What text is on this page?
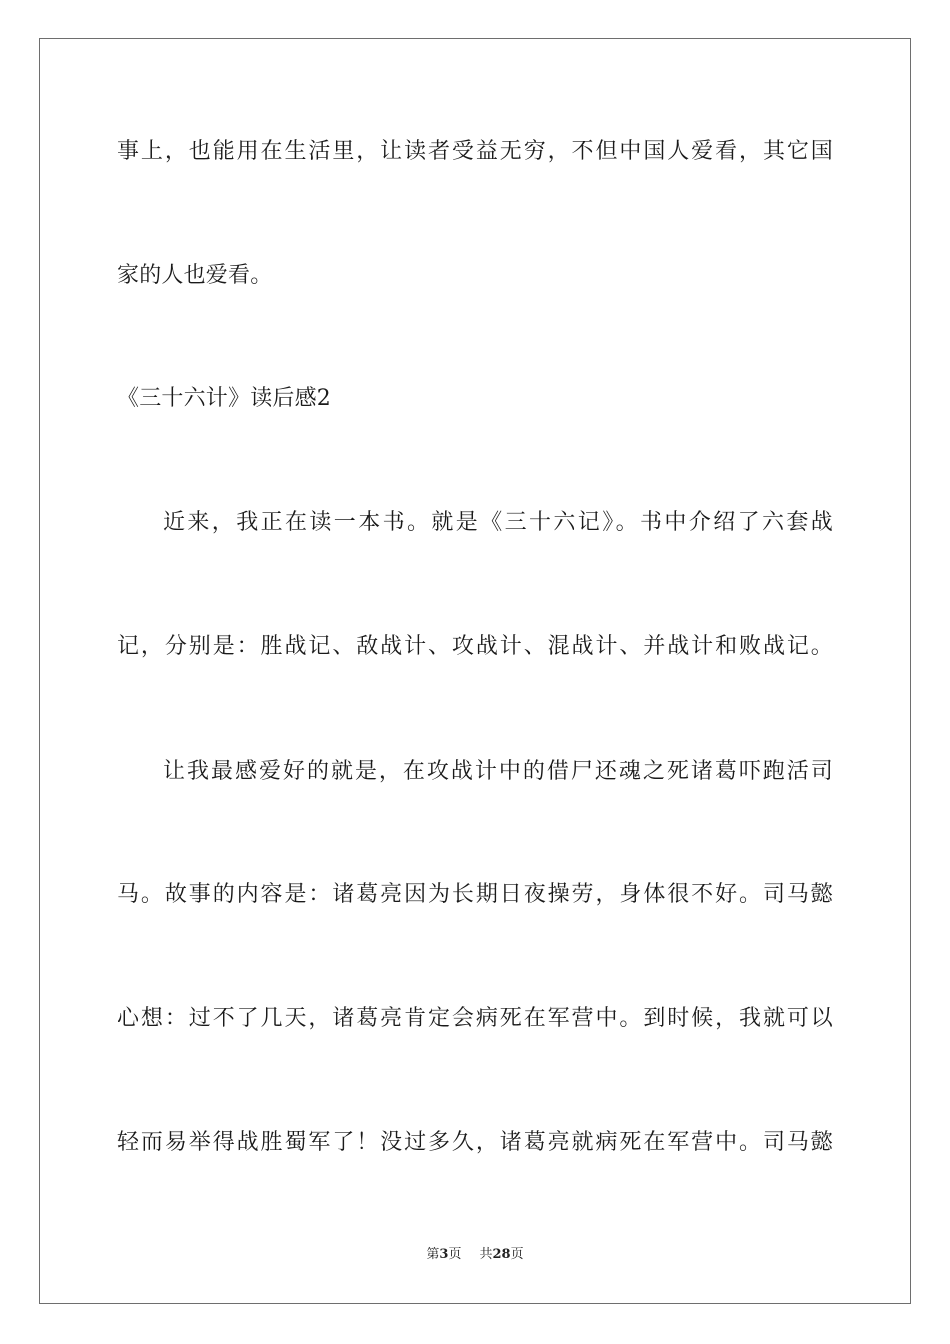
事上，也能用在生活里，让读者受益无穷，不但中国人爱看，其它国
家的人也爱看。
《三十六计》读后感2
近来，我正在读一本书。就是《三十六记》。书中介绍了六套战
记，分别是：胜战记、敌战计、攻战计、混战计、并战计和败战记。
让我最感爱好的就是，在攻战计中的借尸还魂之死诸葛吓跑活司
马。故事的内容是：诸葛亮因为长期日夜操劳，身体很不好。司马懿
心想：过不了几天，诸葛亮肯定会病死在军营中。到时候，我就可以
轻而易举得战胜蜀军了！没过多久，诸葛亮就病死在军营中。司马懿
第3页 共28页
